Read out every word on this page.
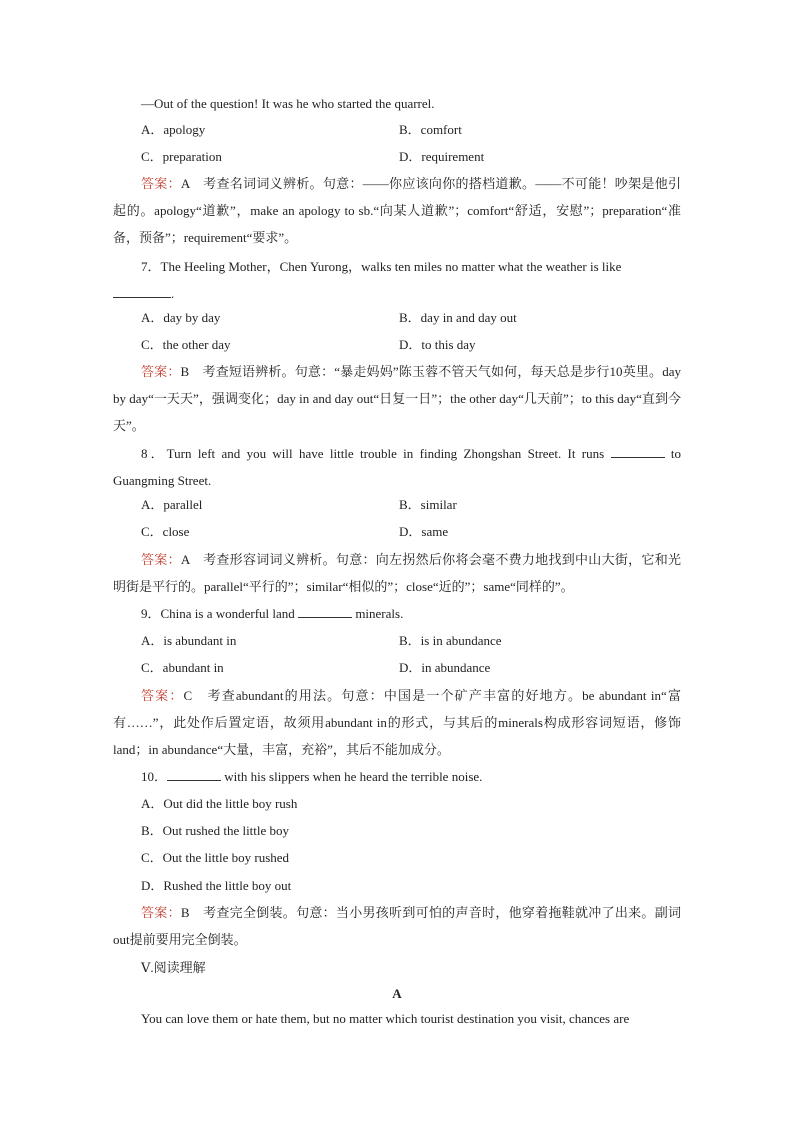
—Out of the question! It was he who started the quarrel.
A．apology	B．comfort
C．preparation	D．requirement
答案：A　考查名词词义辨析。句意：——你应该向你的搭档道歉。——不可能！吵架是他引起的。apology“道歉”，make an apology to sb.“向某人道歉”；comfort“舒适，安慰”；preparation“准备，预备”；requirement“要求”。
7．The Heeling Mother，Chen Yurong，walks ten miles no matter what the weather is like
.
A．day by day	B．day in and day out
C．the other day	D．to this day
答案：B　考查短语辨析。句意：“暴走妈妈”陈玉蓉不管天气如何，每天总是步行10英里。day by day“一天天”，强调变化；day in and day out“日复一日”；the other day“几天前”；to this day“直到今天”。
8．Turn left and you will have little trouble in finding Zhongshan Street. It runs	to Guangming Street.
A．parallel	B．similar
C．close	D．same
答案：A　考查形容词词义辨析。句意：向左拐然后你将会毫不费力地找到中山大街，它和光明街是平行的。parallel“平行的”；similar“相似的”；close“近的”；same“同样的”。
9．China is a wonderful land	minerals.
A．is abundant in	B．is in abundance
C．abundant in	D．in abundance
答案：C　考查abundant的用法。句意：中国是一个矿产丰富的好地方。be abundant in“富有……”，此处作后置定语，故须用abundant in的形式，与其后的minerals构成形容词短语，修饰land；in abundance“大量，丰富，充裕”，其后不能加成分。
10．	with his slippers when he heard the terrible noise.
A．Out did the little boy rush
B．Out rushed the little boy
C．Out the little boy rushed
D．Rushed the little boy out
答案：B　考查完全倒装。句意：当小男孩听到可怕的声音时，他穿着拖鞋就冲了出来。副词out提前要用完全倒装。
Ⅴ.阅读理解
A
You can love them or hate them, but no matter which tourist destination you visit, chances are
